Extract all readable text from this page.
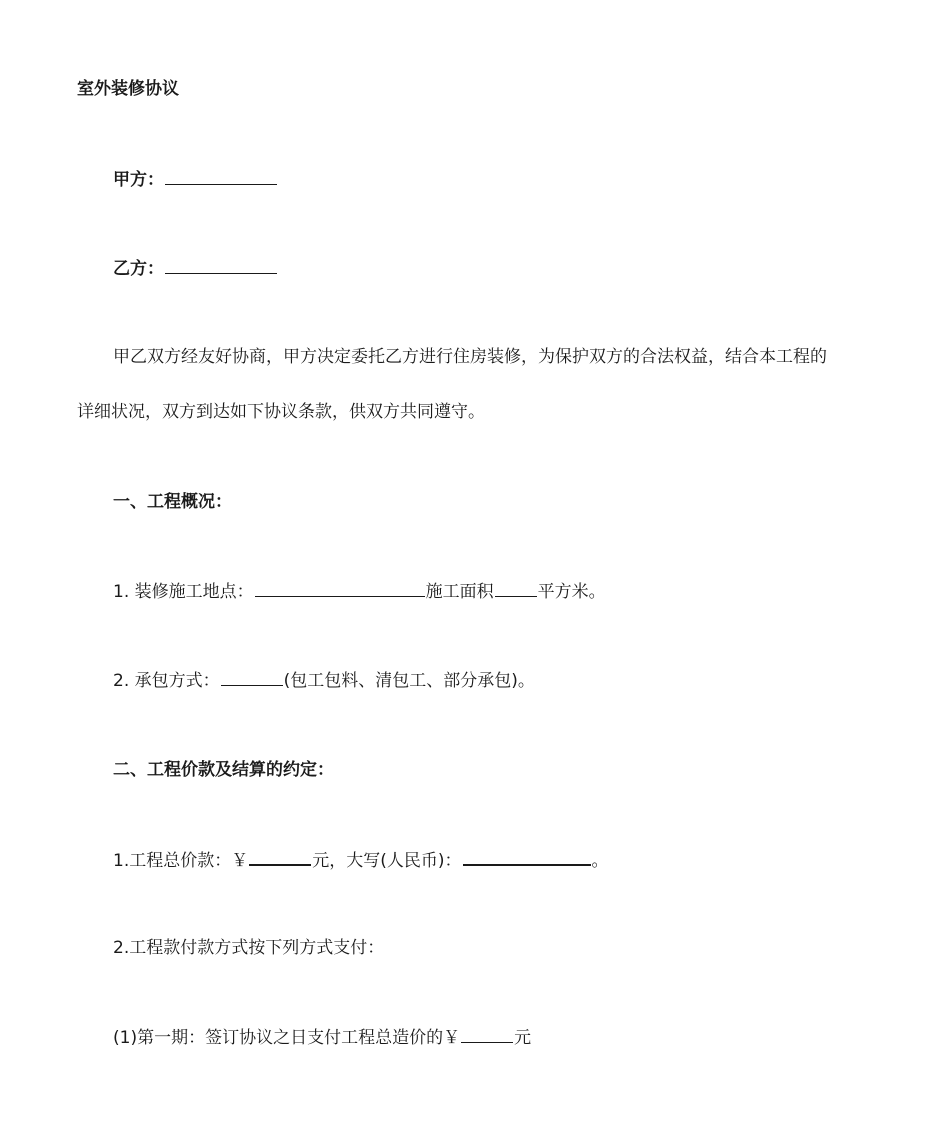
室外装修协议
甲方：
乙方：
甲乙双方经友好协商，甲方决定委托乙方进行住房装修，为保护双方的合法权益，结合本工程的
详细状况，双方到达如下协议条款，供双方共同遵守。
一、工程概况：
1. 装修施工地点：	施工面积	平方米。
2. 承包方式：	(包工包料、清包工、部分承包)。
二、工程价款及结算的约定：
1.工程总价款：￥	元，大写(人民币)：	。
2.工程款付款方式按下列方式支付：
(1)第一期：签订协议之日支付工程总造价的￥	元
